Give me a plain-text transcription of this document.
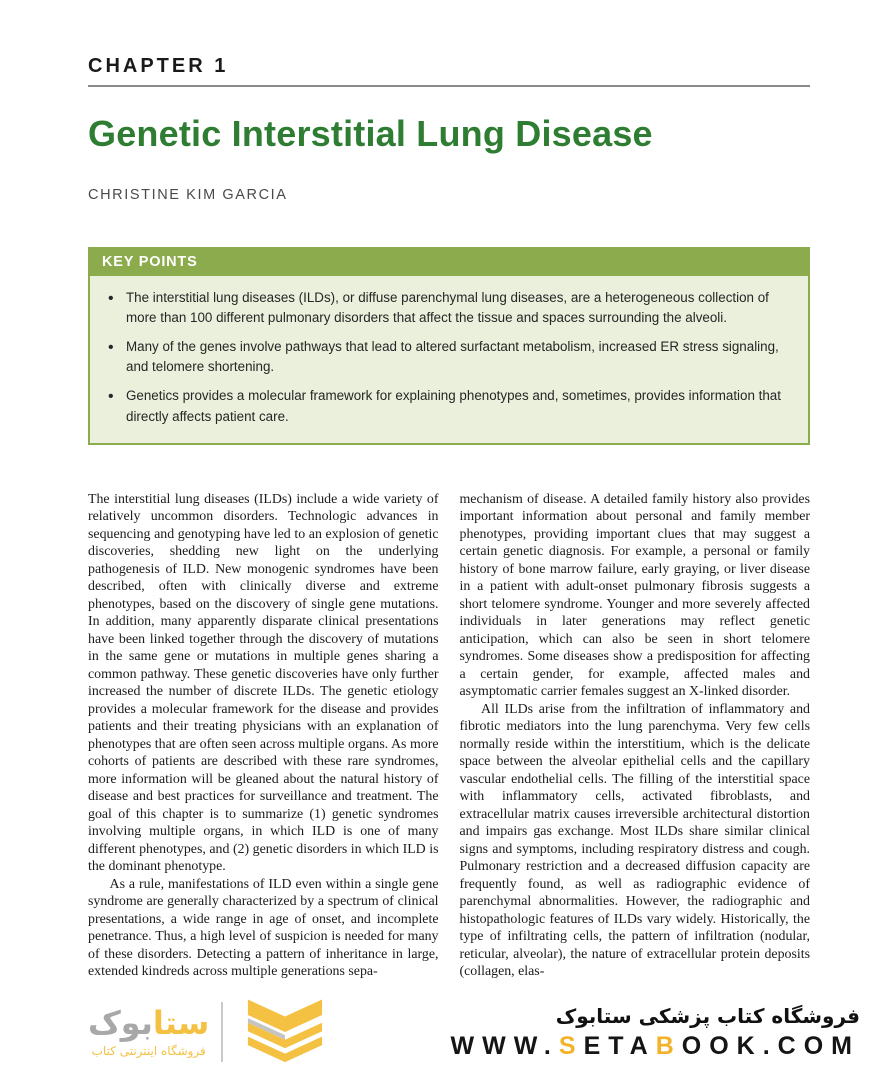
CHAPTER 1
Genetic Interstitial Lung Disease
CHRISTINE KIM GARCIA
KEY POINTS
• The interstitial lung diseases (ILDs), or diffuse parenchymal lung diseases, are a heterogeneous collection of more than 100 different pulmonary disorders that affect the tissue and spaces surrounding the alveoli.
• Many of the genes involve pathways that lead to altered surfactant metabolism, increased ER stress signaling, and telomere shortening.
• Genetics provides a molecular framework for explaining phenotypes and, sometimes, provides information that directly affects patient care.

The interstitial lung diseases (ILDs) include a wide variety of relatively uncommon disorders. Technologic advances in sequencing and genotyping have led to an explosion of genetic discoveries, shedding new light on the underlying pathogenesis of ILD. New monogenic syndromes have been described, often with clinically diverse and extreme phenotypes, based on the discovery of single gene mutations. In addition, many apparently disparate clinical presentations have been linked together through the discovery of mutations in the same gene or mutations in multiple genes sharing a common pathway. These genetic discoveries have only further increased the number of discrete ILDs. The genetic etiology provides a molecular framework for the disease and provides patients and their treating physicians with an explanation of phenotypes that are often seen across multiple organs. As more cohorts of patients are described with these rare syndromes, more information will be gleaned about the natural history of disease and best practices for surveillance and treatment. The goal of this chapter is to summarize (1) genetic syndromes involving multiple organs, in which ILD is one of many different phenotypes, and (2) genetic disorders in which ILD is the dominant phenotype.

As a rule, manifestations of ILD even within a single gene syndrome are generally characterized by a spectrum of clinical presentations, a wide range in age of onset, and incomplete penetrance. Thus, a high level of suspicion is needed for many of these disorders. Detecting a pattern of inheritance in large, extended kindreds across multiple generations sepa-

mechanism of disease. A detailed family history also provides important information about personal and family member phenotypes, providing important clues that may suggest a certain genetic diagnosis. For example, a personal or family history of bone marrow failure, early graying, or liver disease in a patient with adult-onset pulmonary fibrosis suggests a short telomere syndrome. Younger and more severely affected individuals in later generations may reflect genetic anticipation, which can also be seen in short telomere syndromes. Some diseases show a predisposition for affecting a certain gender, for example, affected males and asymptomatic carrier females suggest an X-linked disorder.

All ILDs arise from the infiltration of inflammatory and fibrotic mediators into the lung parenchyma. Very few cells normally reside within the interstitium, which is the delicate space between the alveolar epithelial cells and the capillary vascular endothelial cells. The filling of the interstitial space with inflammatory cells, activated fibroblasts, and extracellular matrix causes irreversible architectural distortion and impairs gas exchange. Most ILDs share similar clinical signs and symptoms, including respiratory distress and cough. Pulmonary restriction and a decreased diffusion capacity are frequently found, as well as radiographic evidence of parenchymal abnormalities. However, the radiographic and histopathologic features of ILDs vary widely. Historically, the type of infiltrating cells, the pattern of infiltration (nodular, reticular, alveolar), the nature of extracellular protein deposits (collagen, elas-

ستابوک
فروشگاه اینترنتی کتاب
فروشگاه کتاب پزشکی ستابوک
WWW.SETABOOK.COM
